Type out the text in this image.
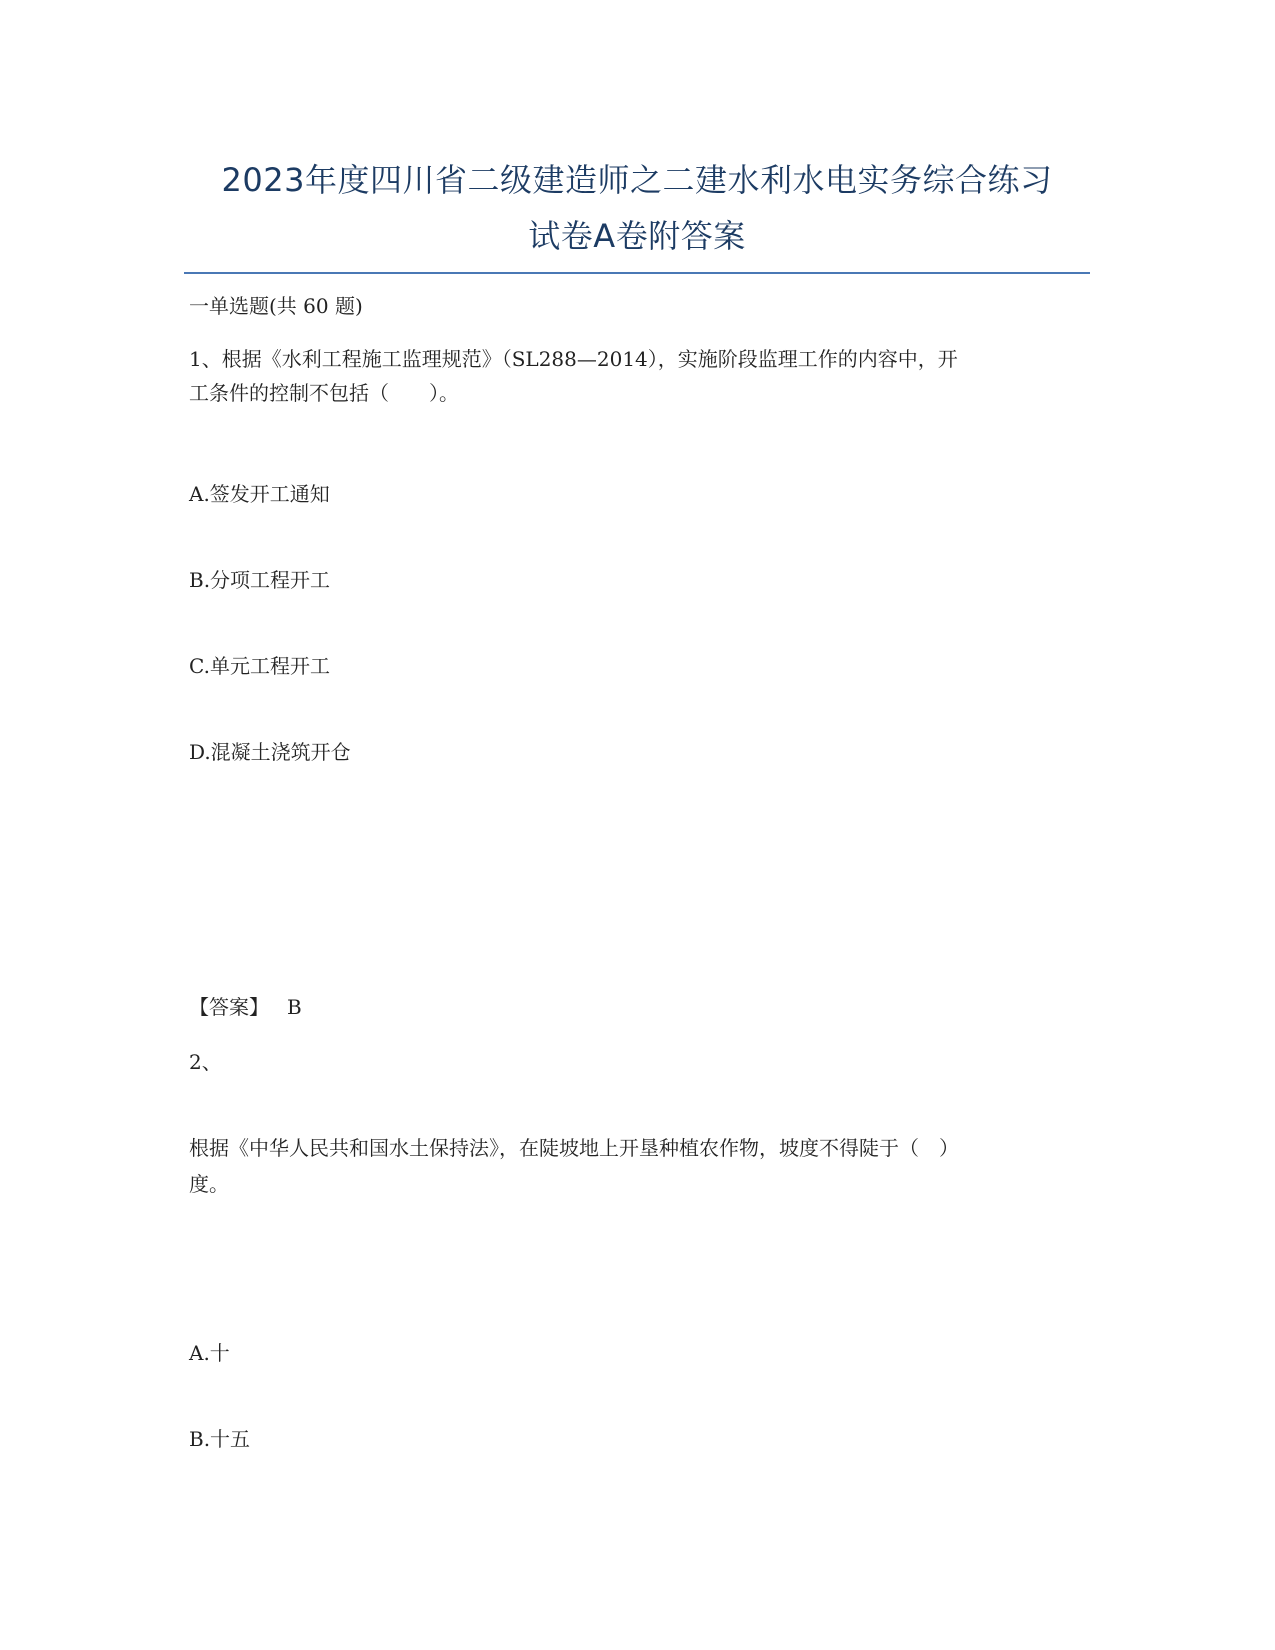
2023年度四川省二级建造师之二建水利水电实务综合练习
试卷A卷附答案
一单选题(共 60 题)
1、根据《水利工程施工监理规范》（SL288—2014），实施阶段监理工作的内容中，开
工条件的控制不包括（　　）。
A.签发开工通知
B.分项工程开工
C.单元工程开工
D.混凝土浇筑开仓
【答案】 B
2、
根据《中华人民共和国水土保持法》，在陡坡地上开垦种植农作物，坡度不得陡于（　）
度。
A.十
B.十五
